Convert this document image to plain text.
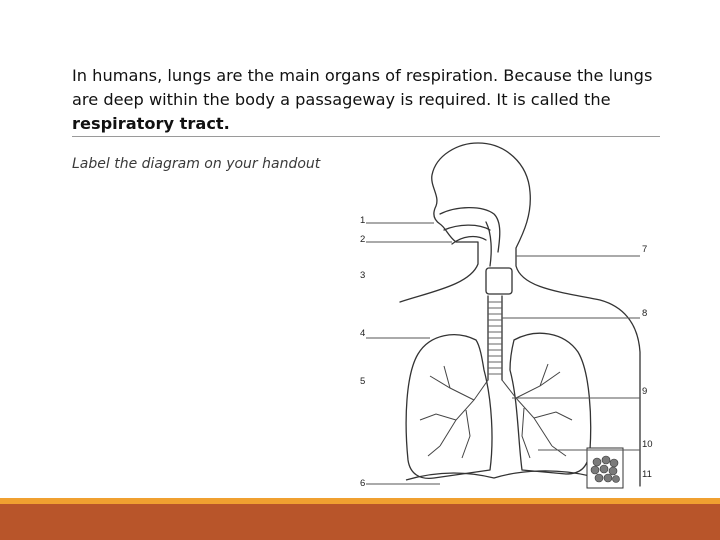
In humans, lungs are the main organs of respiration. Because the lungs are deep within the body a passageway is required. It is called the respiratory tract.
Label the diagram on your handout
1
2
3
4
5
6
7
8
9
10
11
